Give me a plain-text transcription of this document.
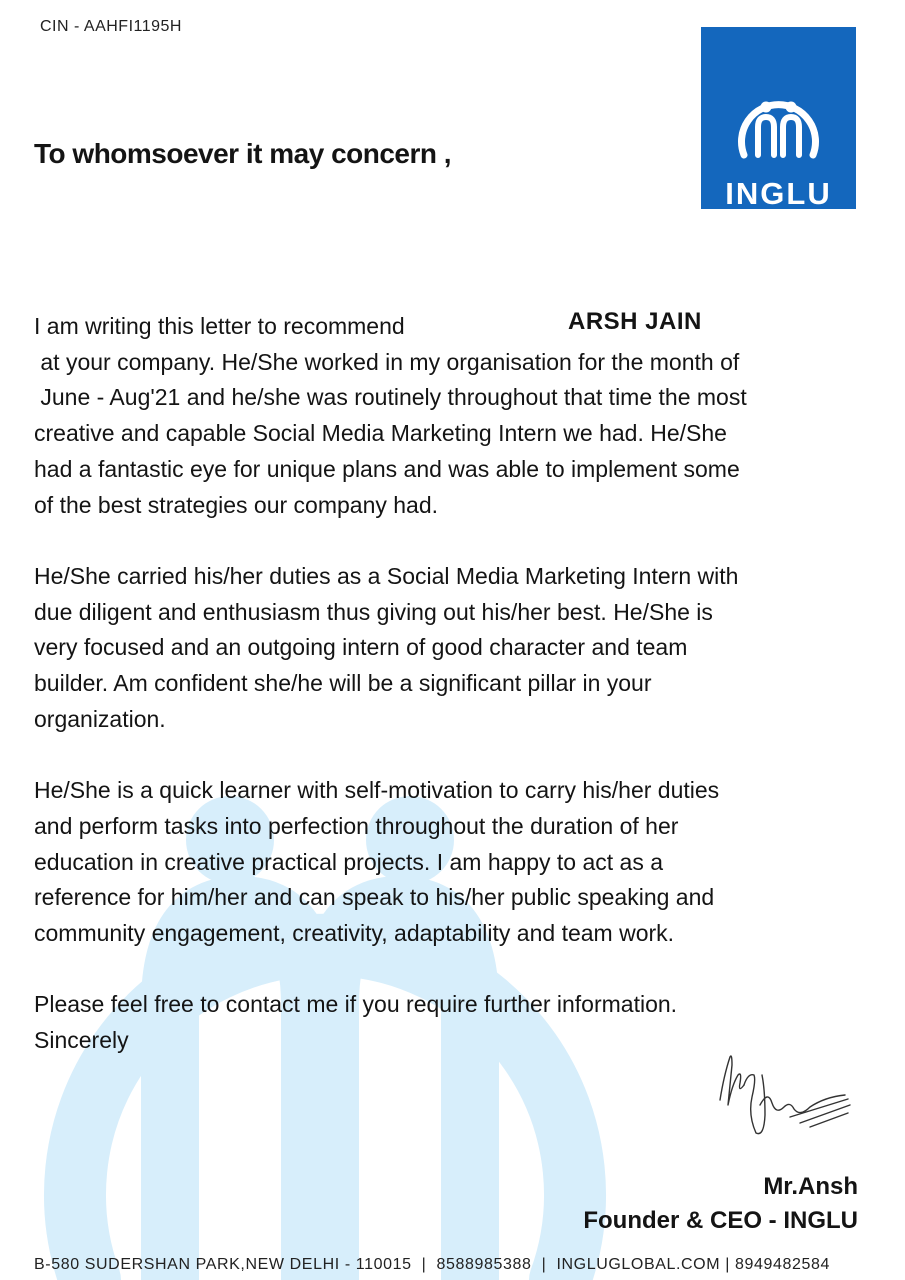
CIN - AAHFI1195H
INGLU
To whomsoever it may concern ,
ARSH JAIN

I am writing this letter to recommend
at your company. He/She worked in my organisation for the month of
June - Aug'21 and he/she was routinely throughout that time the most
creative and capable Social Media Marketing Intern we had. He/She
had a fantastic eye for unique plans and was able to implement some
of the best strategies our company had.

He/She carried his/her duties as a Social Media Marketing Intern with
due diligent and enthusiasm thus giving out his/her best. He/She is
very focused and an outgoing intern of good character and team
builder. Am confident she/he will be a significant pillar in your
organization.

He/She is a quick learner with self-motivation to carry his/her duties
and perform tasks into perfection throughout the duration of her
education in creative practical projects. I am happy to act as a
reference for him/her and can speak to his/her public speaking and
community engagement, creativity, adaptability and team work.

Please feel free to contact me if you require further information.
Sincerely

Mr.Ansh
Founder & CEO - INGLU
B-580 SUDERSHAN PARK,NEW DELHI - 110015  |  8588985388  |  INGLUGLOBAL.COM | 8949482584
